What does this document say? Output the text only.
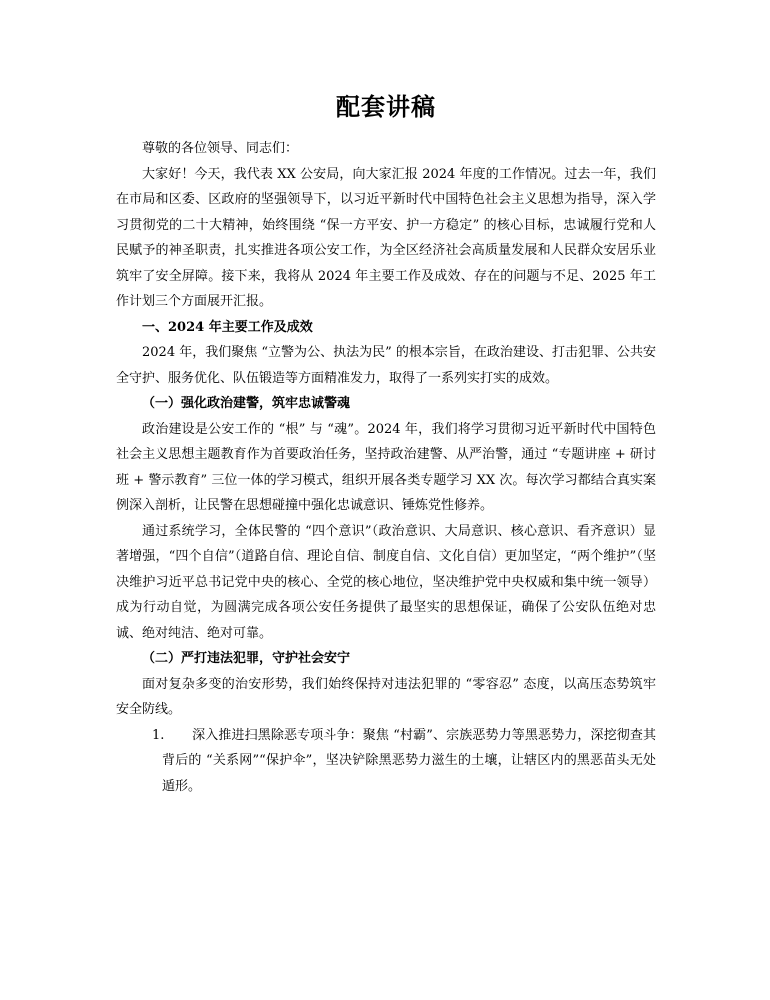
配套讲稿

尊敬的各位领导、同志们：

大家好！今天，我代表 XX 公安局，向大家汇报 2024 年度的工作情况。过去一年，我们在市局和区委、区政府的坚强领导下，以习近平新时代中国特色社会主义思想为指导，深入学习贯彻党的二十大精神，始终围绕 “保一方平安、护一方稳定” 的核心目标，忠诚履行党和人民赋予的神圣职责，扎实推进各项公安工作，为全区经济社会高质量发展和人民群众安居乐业筑牢了安全屏障。接下来，我将从 2024 年主要工作及成效、存在的问题与不足、2025 年工作计划三个方面展开汇报。

一、2024 年主要工作及成效

2024 年，我们聚焦 “立警为公、执法为民” 的根本宗旨，在政治建设、打击犯罪、公共安全守护、服务优化、队伍锻造等方面精准发力，取得了一系列实打实的成效。

（一）强化政治建警，筑牢忠诚警魂

政治建设是公安工作的 “根” 与 “魂”。2024 年，我们将学习贯彻习近平新时代中国特色社会主义思想主题教育作为首要政治任务，坚持政治建警、从严治警，通过 “专题讲座 + 研讨班 + 警示教育” 三位一体的学习模式，组织开展各类专题学习 XX 次。每次学习都结合真实案例深入剖析，让民警在思想碰撞中强化忠诚意识、锤炼党性修养。

通过系统学习，全体民警的 “四个意识”（政治意识、大局意识、核心意识、看齐意识）显著增强，“四个自信”（道路自信、理论自信、制度自信、文化自信）更加坚定，“两个维护”（坚决维护习近平总书记党中央的核心、全党的核心地位，坚决维护党中央权威和集中统一领导）成为行动自觉，为圆满完成各项公安任务提供了最坚实的思想保证，确保了公安队伍绝对忠诚、绝对纯洁、绝对可靠。

（二）严打违法犯罪，守护社会安宁

面对复杂多变的治安形势，我们始终保持对违法犯罪的 “零容忍” 态度，以高压态势筑牢安全防线。

1. 深入推进扫黑除恶专项斗争：聚焦 “村霸”、宗族恶势力等黑恶势力，深挖彻查其背后的 “关系网”“保护伞”，坚决铲除黑恶势力滋生的土壤，让辖区内的黑恶苗头无处遁形。
